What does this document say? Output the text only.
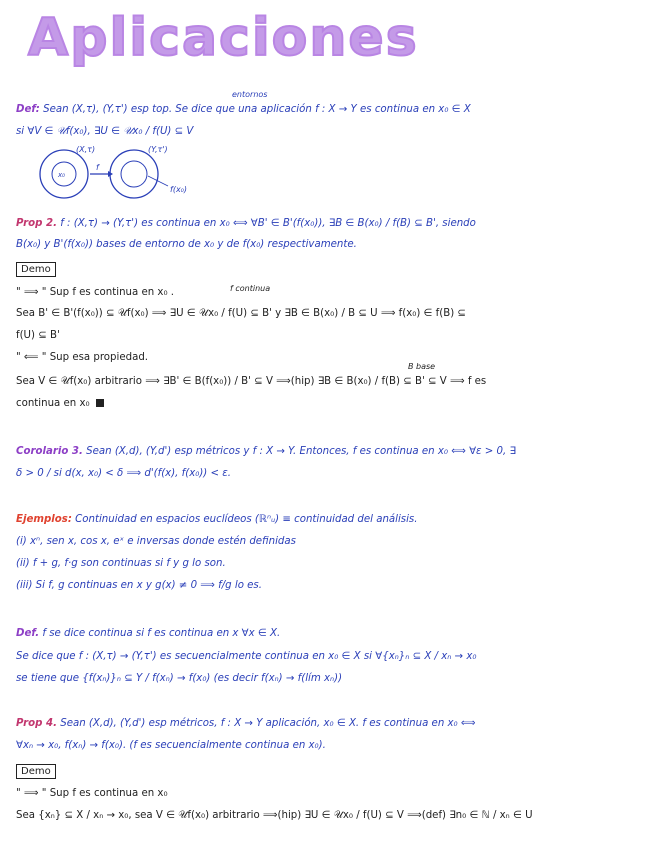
Aplicaciones
entornos
Def: Sean (X,τ), (Y,τ') esp top. Se dice que una aplicación f : X → Y es continua en x₀ ∈ X
si ∀V ∈ 𝒰f(x₀), ∃U ∈ 𝒰x₀ / f(U) ⊆ V
(X,τ)	(Y,τ')
f
f(x₀)
x₀
Prop 2. f : (X,τ) → (Y,τ') es continua en x₀ ⟺ ∀B' ∈ B'(f(x₀)), ∃B ∈ B(x₀) / f(B) ⊆ B', siendo
B(x₀) y B'(f(x₀)) bases de entorno de x₀ y de f(x₀) respectivamente.
Demo
" ⟹ " Sup f es continua en x₀ .	f continua
Sea B' ∈ B'(f(x₀)) ⊆ 𝒰f(x₀) ⟹ ∃U ∈ 𝒰x₀ / f(U) ⊆ B' y ∃B ∈ B(x₀) / B ⊆ U ⟹ f(x₀) ∈ f(B) ⊆
f(U) ⊆ B'
" ⟸ " Sup esa propiedad.
B base
Sea V ∈ 𝒰f(x₀) arbitrario ⟹ ∃B' ∈ B(f(x₀)) / B' ⊆ V ⟹(hip) ∃B ∈ B(x₀) / f(B) ⊆ B' ⊆ V ⟹ f es
continua en x₀
Corolario 3. Sean (X,d), (Y,d') esp métricos y f : X → Y. Entonces, f es continua en x₀ ⟺ ∀ε > 0, ∃
δ > 0 / si d(x, x₀) < δ ⟹ d'(f(x), f(x₀)) < ε.
Ejemplos: Continuidad en espacios euclídeos (ℝⁿᵤ) ≡ continuidad del análisis.
(i) xⁿ, sen x, cos x, eˣ e inversas donde estén definidas
(ii) f + g, f·g son continuas si f y g lo son.
(iii) Si f, g continuas en x y g(x) ≠ 0 ⟹ f/g lo es.
Def. f se dice continua si f es continua en x ∀x ∈ X.
Se dice que f : (X,τ) → (Y,τ') es secuencialmente continua en x₀ ∈ X si ∀{xₙ}ₙ ⊆ X / xₙ → x₀
se tiene que {f(xₙ)}ₙ ⊆ Y / f(xₙ) → f(x₀) (es decir f(xₙ) → f(lím xₙ))
Prop 4. Sean (X,d), (Y,d') esp métricos, f : X → Y aplicación, x₀ ∈ X. f es continua en x₀ ⟺
∀xₙ → x₀, f(xₙ) → f(x₀). (f es secuencialmente continua en x₀).
Demo
" ⟹ " Sup f es continua en x₀
Sea {xₙ} ⊆ X / xₙ → x₀, sea V ∈ 𝒰f(x₀) arbitrario ⟹(hip) ∃U ∈ 𝒰x₀ / f(U) ⊆ V ⟹(def) ∃n₀ ∈ ℕ / xₙ ∈ U
